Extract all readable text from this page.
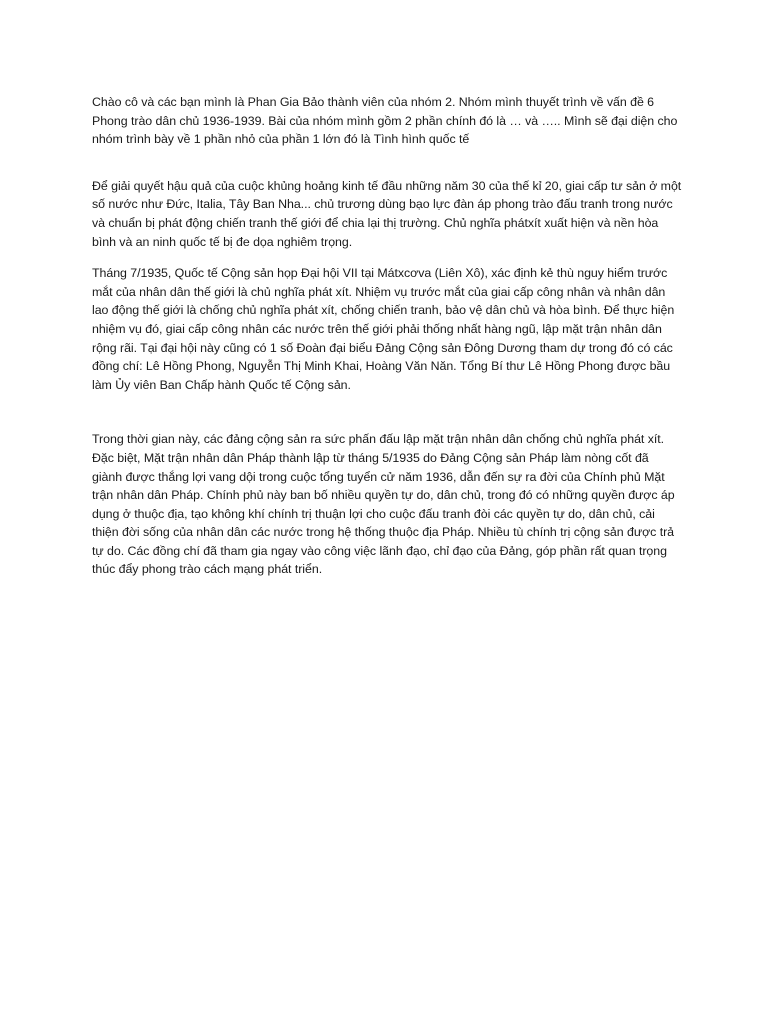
Chào cô và các bạn mình là Phan Gia Bảo thành viên của nhóm 2. Nhóm mình thuyết trình về vấn đề 6 Phong trào dân chủ 1936-1939. Bài của nhóm mình gồm 2 phần chính đó là … và ….. Mình sẽ đại diện cho nhóm trình bày về 1 phần nhỏ của phần 1 lớn đó là Tình hình quốc tế

Để giải quyết hậu quả của cuộc khủng hoảng kinh tế đầu những năm 30 của thế kỉ 20, giai cấp tư sản ở một số nước như Đức, Italia, Tây Ban Nha... chủ trương dùng bạo lực đàn áp phong trào đấu tranh trong nước và chuẩn bị phát động chiến tranh thế giới để chia lại thị trường. Chủ nghĩa phátxít xuất hiện và nền hòa bình và an ninh quốc tế bị đe dọa nghiêm trọng.

Tháng 7/1935, Quốc tế Cộng sản họp Đại hội VII tại Mátxcơva (Liên Xô), xác định kẻ thù nguy hiểm trước mắt của nhân dân thế giới là chủ nghĩa phát xít. Nhiệm vụ trước mắt của giai cấp công nhân và nhân dân lao động thế giới là chống chủ nghĩa phát xít, chống chiến tranh, bảo vệ dân chủ và hòa bình. Để thực hiện nhiệm vụ đó, giai cấp công nhân các nước trên thế giới phải thống nhất hàng ngũ, lập mặt trận nhân dân rộng rãi. Tại đại hội này cũng có 1 số Đoàn đại biểu Đảng Cộng sản Đông Dương tham dự trong đó có các đồng chí: Lê Hồng Phong, Nguyễn Thị Minh Khai, Hoàng Văn Năn. Tổng Bí thư Lê Hồng Phong được bầu làm Ủy viên Ban Chấp hành Quốc tế Cộng sản.

Trong thời gian này, các đảng cộng sản ra sức phấn đấu lập mặt trận nhân dân chống chủ nghĩa phát xít. Đặc biệt, Mặt trận nhân dân Pháp thành lập từ tháng 5/1935 do Đảng Cộng sản Pháp làm nòng cốt đã giành được thắng lợi vang dội trong cuộc tổng tuyển cử năm 1936, dẫn đến sự ra đời của Chính phủ Mặt trận nhân dân Pháp. Chính phủ này ban bố nhiều quyền tự do, dân chủ, trong đó có những quyền được áp dụng ở thuộc địa, tạo không khí chính trị thuận lợi cho cuộc đấu tranh đòi các quyền tự do, dân chủ, cải thiện đời sống của nhân dân các nước trong hệ thống thuộc địa Pháp. Nhiều tù chính trị cộng sản được trả tự do. Các đồng chí đã tham gia ngay vào công việc lãnh đạo, chỉ đạo của Đảng, góp phần rất quan trọng thúc đẩy phong trào cách mạng phát triển.
